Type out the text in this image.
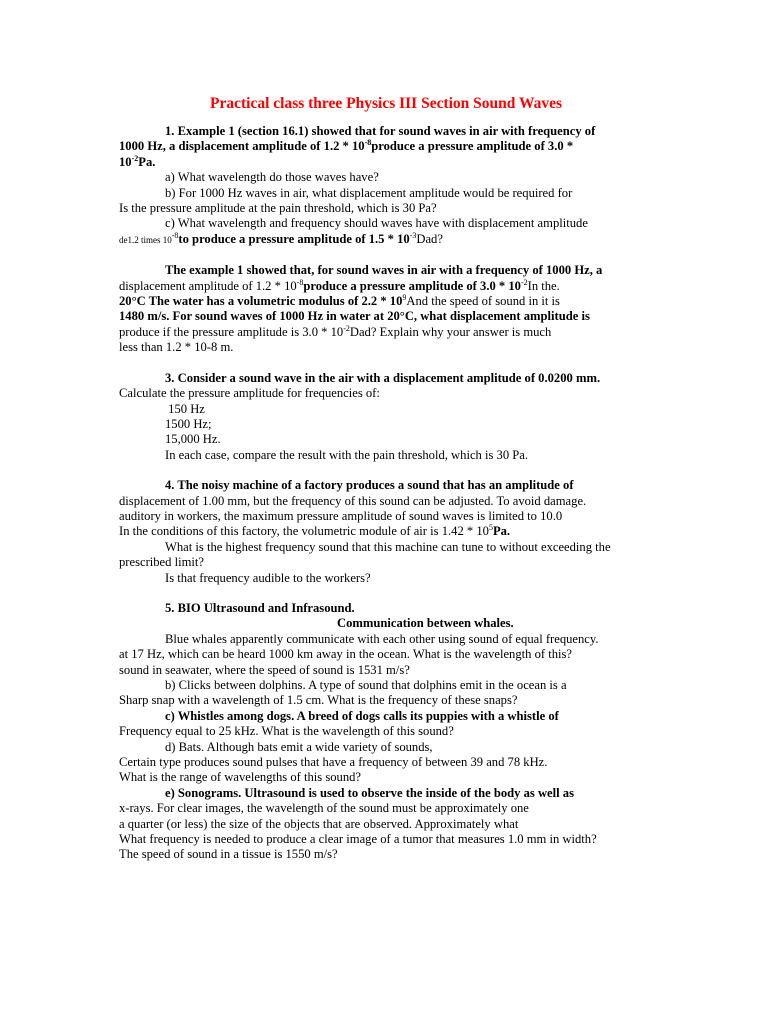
Practical class three Physics III Section Sound Waves
1. Example 1 (section 16.1) showed that for sound waves in air with frequency of
1000 Hz, a displacement amplitude of $1.2 * 10^{-8}produce$ a pressure amplitude of 3.0 *
$10^{-2}Pa$.
a) What wavelength do those waves have?
b) For 1000 Hz waves in air, what displacement amplitude would be required for
Is the pressure amplitude at the pain threshold, which is 30 Pa?
c) What wavelength and frequency should waves have with displacement amplitude
de1.2 times $10^{-8}to$ produce a pressure amplitude of $1.5 * 10^{-3}Dad$?
The example 1 showed that, for sound waves in air with a frequency of 1000 Hz, a
displacement amplitude of $1.2 * 10^{-8}produce$ a pressure amplitude of $3.0 * 10^{-2}In$ the.
20°C The water has a volumetric modulus of $2.2 * 10^9And$ the speed of sound in it is
1480 m/s. For sound waves of 1000 Hz in water at 20°C, what displacement amplitude is
produce if the pressure amplitude is $3.0 * 10^{-2}Dad$? Explain why your answer is much
less than 1.2 * 10-8 m.
3. Consider a sound wave in the air with a displacement amplitude of 0.0200 mm.
Calculate the pressure amplitude for frequencies of:
150 Hz
1500 Hz;
15,000 Hz.
In each case, compare the result with the pain threshold, which is 30 Pa.
4. The noisy machine of a factory produces a sound that has an amplitude of
displacement of 1.00 mm, but the frequency of this sound can be adjusted. To avoid damage.
auditory in workers, the maximum pressure amplitude of sound waves is limited to 10.0
In the conditions of this factory, the volumetric module of air is $1.42 * 10^5Pa$.
What is the highest frequency sound that this machine can tune to without exceeding the
prescribed limit?
Is that frequency audible to the workers?
5. BIO Ultrasound and Infrasound.
Communication between whales.
Blue whales apparently communicate with each other using sound of equal frequency.
at 17 Hz, which can be heard 1000 km away in the ocean. What is the wavelength of this?
sound in seawater, where the speed of sound is 1531 m/s?
b) Clicks between dolphins. A type of sound that dolphins emit in the ocean is a
Sharp snap with a wavelength of 1.5 cm. What is the frequency of these snaps?
c) Whistles among dogs. A breed of dogs calls its puppies with a whistle of
Frequency equal to 25 kHz. What is the wavelength of this sound?
d) Bats. Although bats emit a wide variety of sounds,
Certain type produces sound pulses that have a frequency of between 39 and 78 kHz.
What is the range of wavelengths of this sound?
e) Sonograms. Ultrasound is used to observe the inside of the body as well as
x-rays. For clear images, the wavelength of the sound must be approximately one
a quarter (or less) the size of the objects that are observed. Approximately what
What frequency is needed to produce a clear image of a tumor that measures 1.0 mm in width?
The speed of sound in a tissue is 1550 m/s?
